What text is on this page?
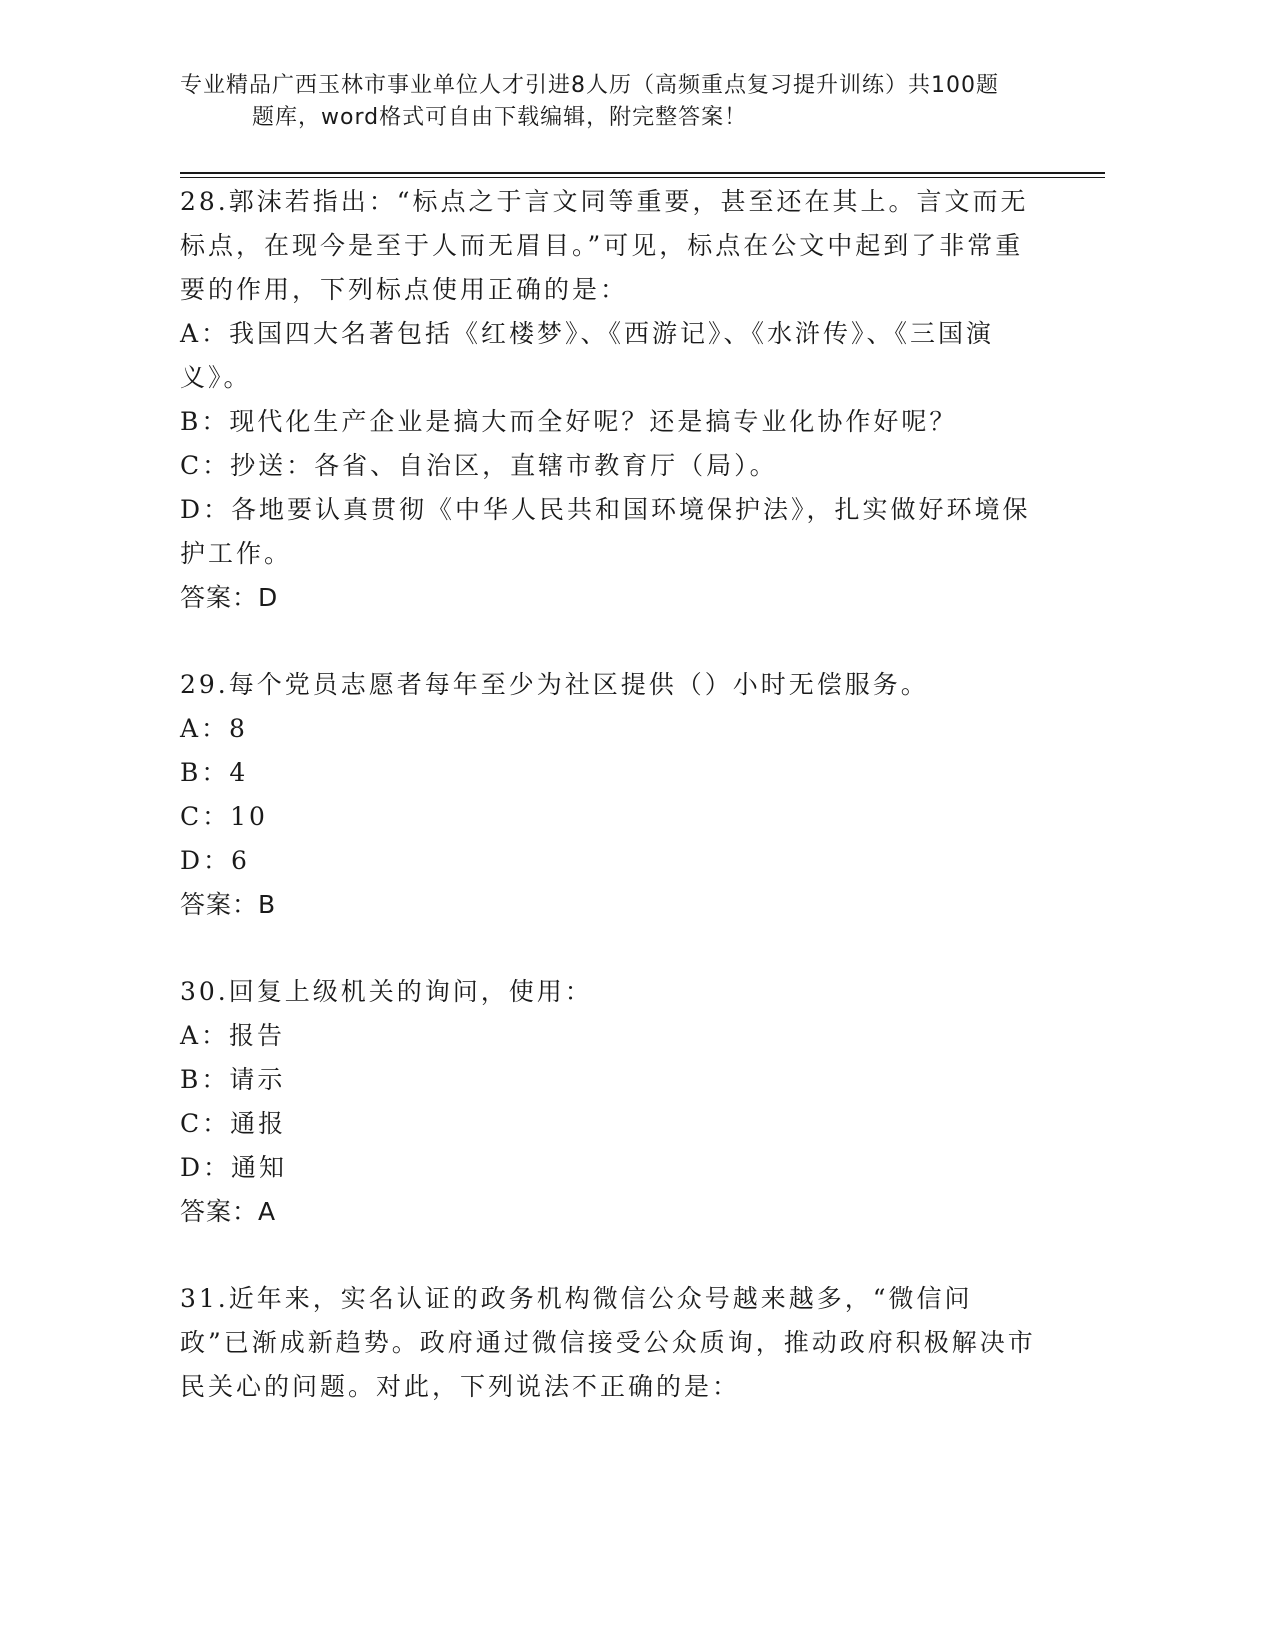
专业精品广西玉林市事业单位人才引进8人历（高频重点复习提升训练）共100题
题库，word格式可自由下载编辑，附完整答案！

28.郭沫若指出：“标点之于言文同等重要，甚至还在其上。言文而无标点，在现今是至于人而无眉目。”可见，标点在公文中起到了非常重要的作用，下列标点使用正确的是：

A：我国四大名著包括《红楼梦》、《西游记》、《水浒传》、《三国演义》。

B：现代化生产企业是搞大而全好呢？还是搞专业化协作好呢？

C：抄送：各省、自治区，直辖市教育厅（局）。

D：各地要认真贯彻《中华人民共和国环境保护法》，扎实做好环境保护工作。

答案：D

29.每个党员志愿者每年至少为社区提供（）小时无偿服务。

A：8

B：4

C：10

D：6

答案：B

30.回复上级机关的询问，使用：

A：报告

B：请示

C：通报

D：通知

答案：A

31.近年来，实名认证的政务机构微信公众号越来越多，“微信问政”已渐成新趋势。政府通过微信接受公众质询，推动政府积极解决市民关心的问题。对此，下列说法不正确的是：
